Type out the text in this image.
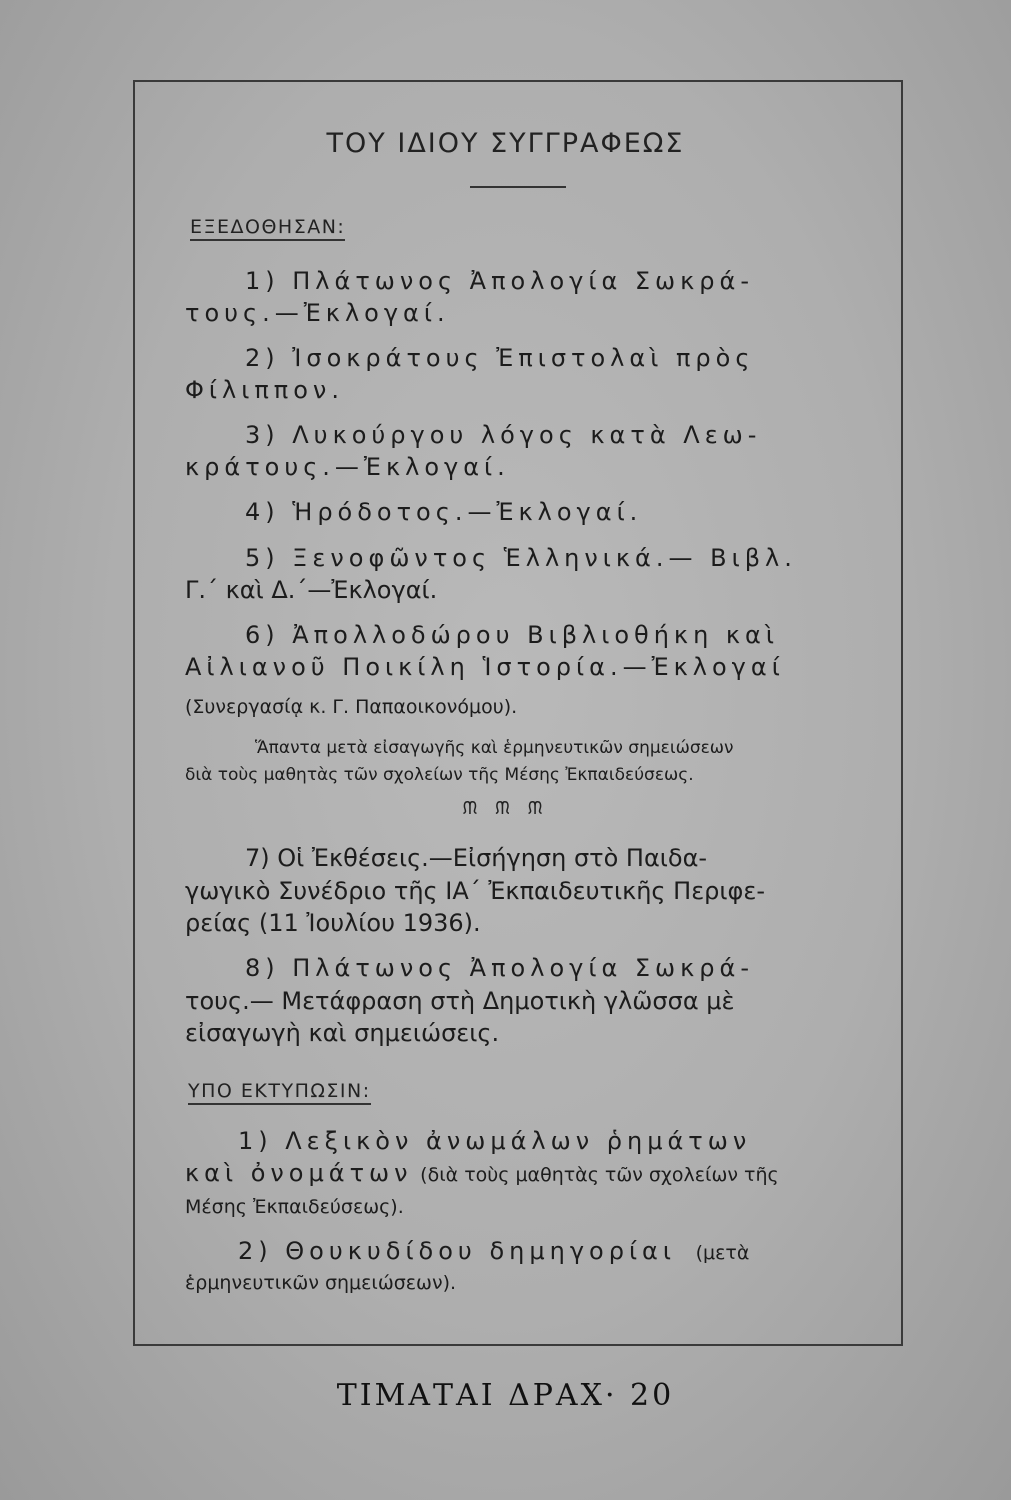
ΤΟΥ ΙΔΙΟΥ ΣΥΓΓΡΑΦΕΩΣ
ΕΞΕΔΟΘΗΣΑΝ:
1) Πλάτωνος Ἀπολογία Σωκρά-
τους.—Ἐκλογαί.
2) Ἰσοκράτους Ἐπιστολαὶ πρὸς
Φίλιππον.
3) Λυκούργου λόγος κατὰ Λεω-
κράτους.—Ἐκλογαί.
4) Ἡρόδοτος.—Ἐκλογαί.
5) Ξενοφῶντος Ἑλληνικά.— Βιβλ.
Γ.΄ καὶ Δ.΄—Ἐκλογαί.
6) Ἀπολλοδώρου Βιβλιοθήκη καὶ
Αἰλιανοῦ Ποικίλη Ἱστορία.—Ἐκλογαί
(Συνεργασίᾳ κ. Γ. Παπαοικονόμου).
Ἅπαντα μετὰ εἰσαγωγῆς καὶ ἑρμηνευτικῶν σημειώσεων
διὰ τοὺς μαθητὰς τῶν σχολείων τῆς Μέσης Ἐκπαιδεύσεως.
ᙏ ᙏ ᙏ
7) Οἱ Ἐκθέσεις.—Εἰσήγηση στὸ Παιδα-
γωγικὸ Συνέδριο τῆς ΙΑ΄ Ἐκπαιδευτικῆς Περιφε-
ρείας (11 Ἰουλίου 1936).
8) Πλάτωνος Ἀπολογία Σωκρά-
τους.— Μετάφραση στὴ Δημοτικὴ γλῶσσα μὲ
εἰσαγωγὴ καὶ σημειώσεις.
ΥΠΟ ΕΚΤΥΠΩΣΙΝ:
1) Λεξικὸν ἀνωμάλων ῥημάτων
καὶ ὀνομάτων (διὰ τοὺς μαθητὰς τῶν σχολείων τῆς
Μέσης Ἐκπαιδεύσεως).
2) Θουκυδίδου δημηγορίαι (μετὰ
ἑρμηνευτικῶν σημειώσεων).
ΤΙΜΑΤΑΙ ΔΡΑΧ· 20
